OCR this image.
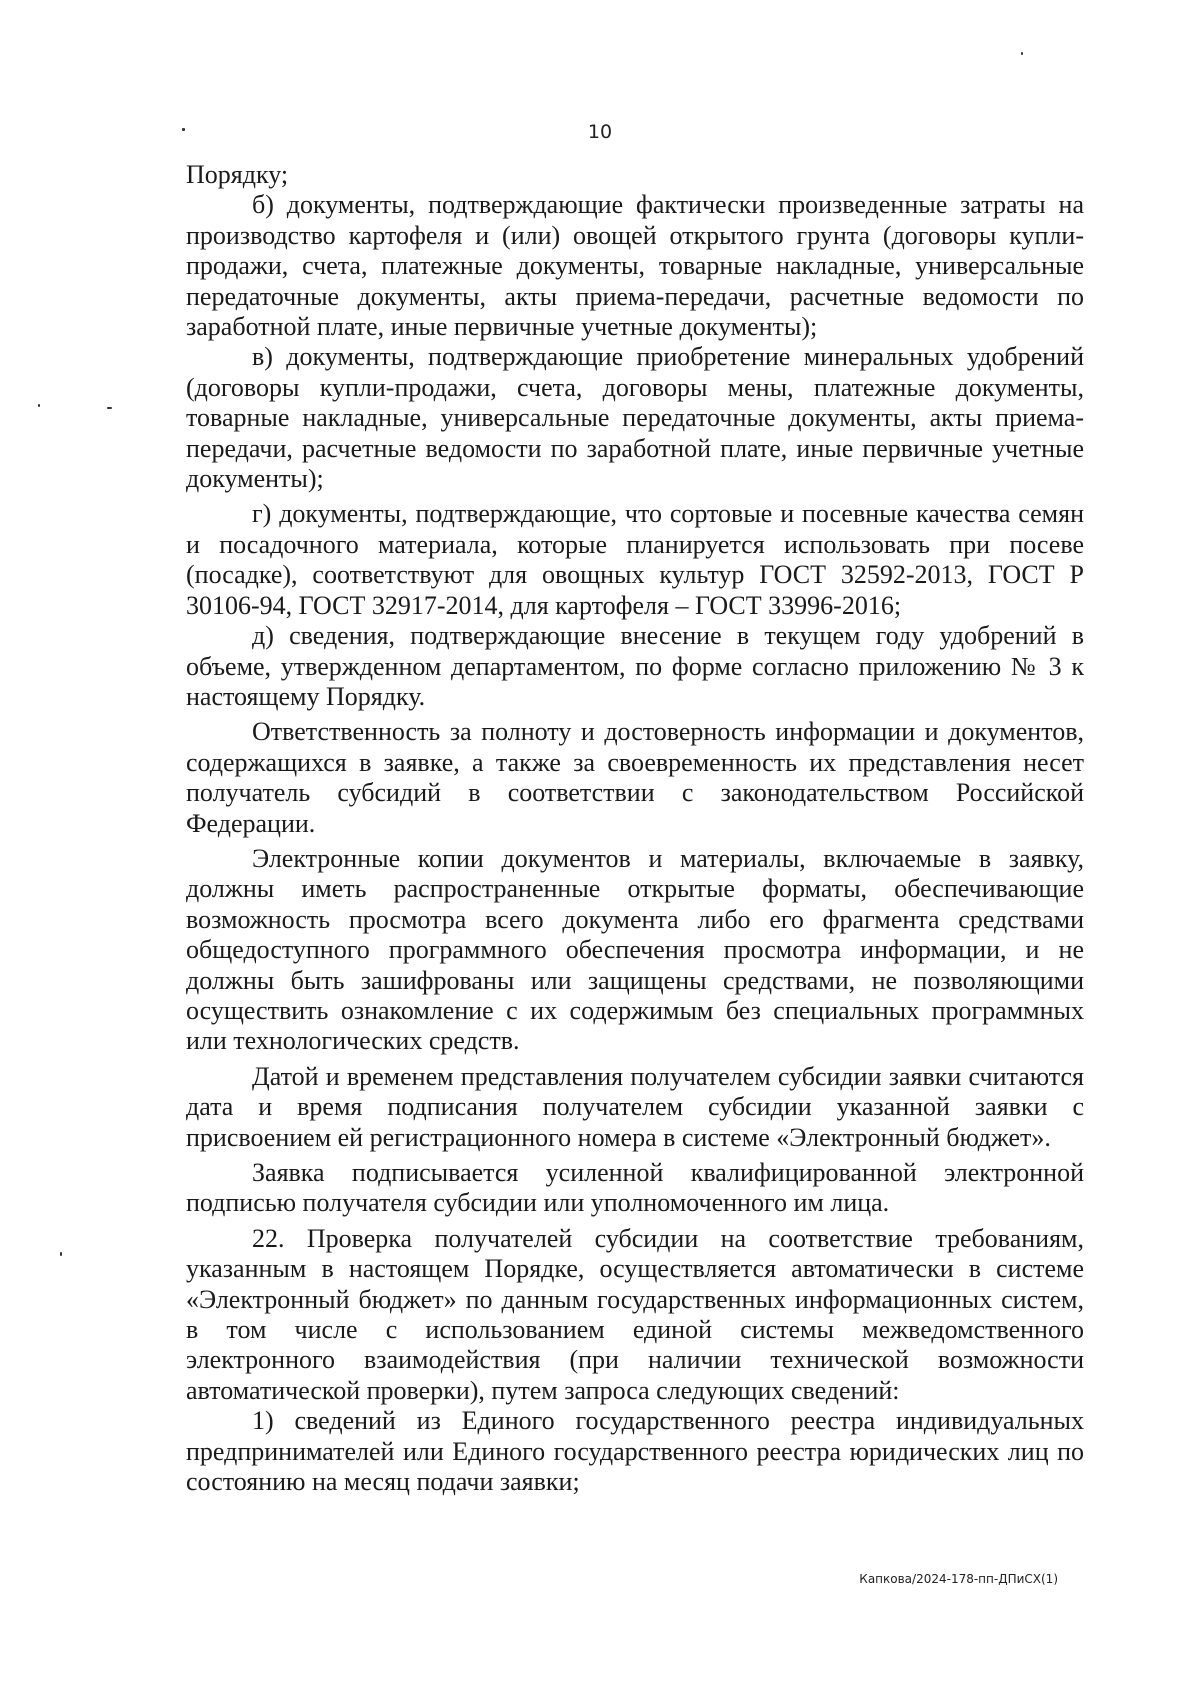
10

Порядку;

б) документы, подтверждающие фактически произведенные затраты на производство картофеля и (или) овощей открытого грунта (договоры купли-продажи, счета, платежные документы, товарные накладные, универсальные передаточные документы, акты приема-передачи, расчетные ведомости по заработной плате, иные первичные учетные документы);

в) документы, подтверждающие приобретение минеральных удобрений (договоры купли-продажи, счета, договоры мены, платежные документы, товарные накладные, универсальные передаточные документы, акты приема-передачи, расчетные ведомости по заработной плате, иные первичные учетные документы);

г) документы, подтверждающие, что сортовые и посевные качества семян и посадочного материала, которые планируется использовать при посеве (посадке), соответствуют для овощных культур ГОСТ 32592-2013, ГОСТ Р 30106-94, ГОСТ 32917-2014, для картофеля – ГОСТ 33996-2016;

д) сведения, подтверждающие внесение в текущем году удобрений в объеме, утвержденном департаментом, по форме согласно приложению № 3 к настоящему Порядку.

Ответственность за полноту и достоверность информации и документов, содержащихся в заявке, а также за своевременность их представления несет получатель субсидий в соответствии с законодательством Российской Федерации.

Электронные копии документов и материалы, включаемые в заявку, должны иметь распространенные открытые форматы, обеспечивающие возможность просмотра всего документа либо его фрагмента средствами общедоступного программного обеспечения просмотра информации, и не должны быть зашифрованы или защищены средствами, не позволяющими осуществить ознакомление с их содержимым без специальных программных или технологических средств.

Датой и временем представления получателем субсидии заявки считаются дата и время подписания получателем субсидии указанной заявки с присвоением ей регистрационного номера в системе «Электронный бюджет».

Заявка подписывается усиленной квалифицированной электронной подписью получателя субсидии или уполномоченного им лица.

22. Проверка получателей субсидии на соответствие требованиям, указанным в настоящем Порядке, осуществляется автоматически в системе «Электронный бюджет» по данным государственных информационных систем, в том числе с использованием единой системы межведомственного электронного взаимодействия (при наличии технической возможности автоматической проверки), путем запроса следующих сведений:

1) сведений из Единого государственного реестра индивидуальных предпринимателей или Единого государственного реестра юридических лиц по состоянию на месяц подачи заявки;

Капкова/2024-178-пп-ДПиСХ(1)
